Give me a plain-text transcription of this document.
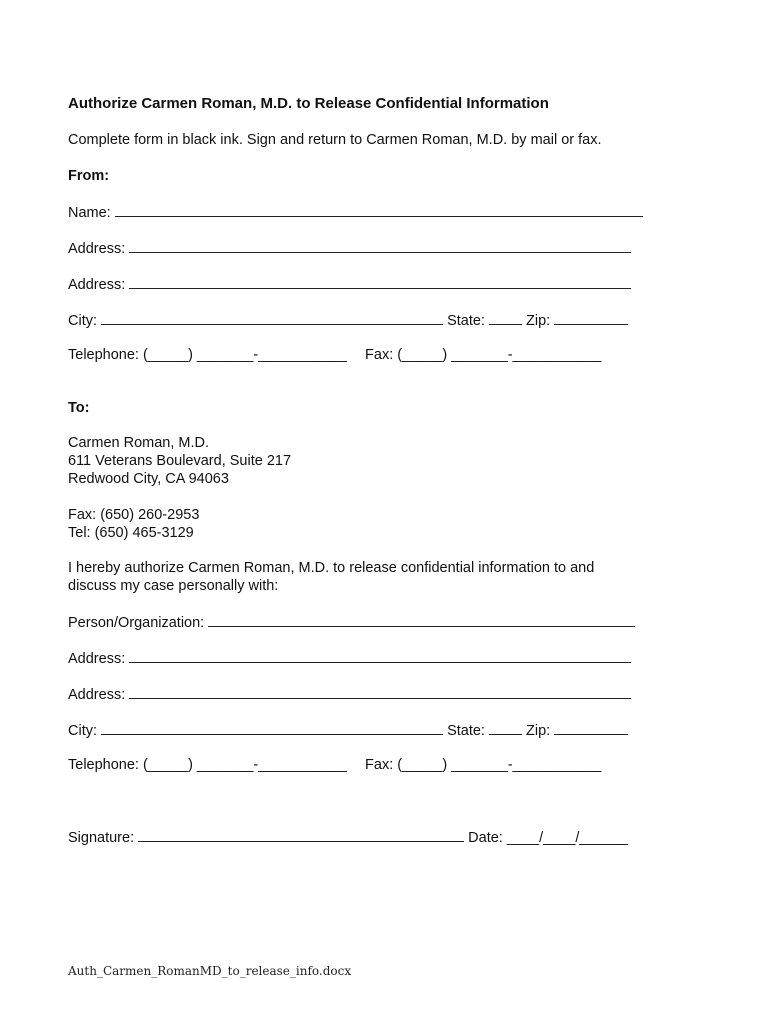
Authorize Carmen Roman, M.D. to Release Confidential Information
Complete form in black ink. Sign and return to Carmen Roman, M.D. by mail or fax.
From:
Name:
Address:
Address:
City:	State:	Zip:
Telephone: (_____) _______-___________ Fax: (_____) _______-___________
To:
Carmen Roman, M.D.
611 Veterans Boulevard, Suite 217
Redwood City, CA 94063
Fax: (650) 260-2953
Tel: (650) 465-3129
I hereby authorize Carmen Roman, M.D. to release confidential information to and
discuss my case personally with:
Person/Organization:
Address:
Address:
City:	State:	Zip:
Telephone: (_____) _______-___________ Fax: (_____) _______-___________
Signature:	Date: ____/____/______
Auth_Carmen_RomanMD_to_release_info.docx
